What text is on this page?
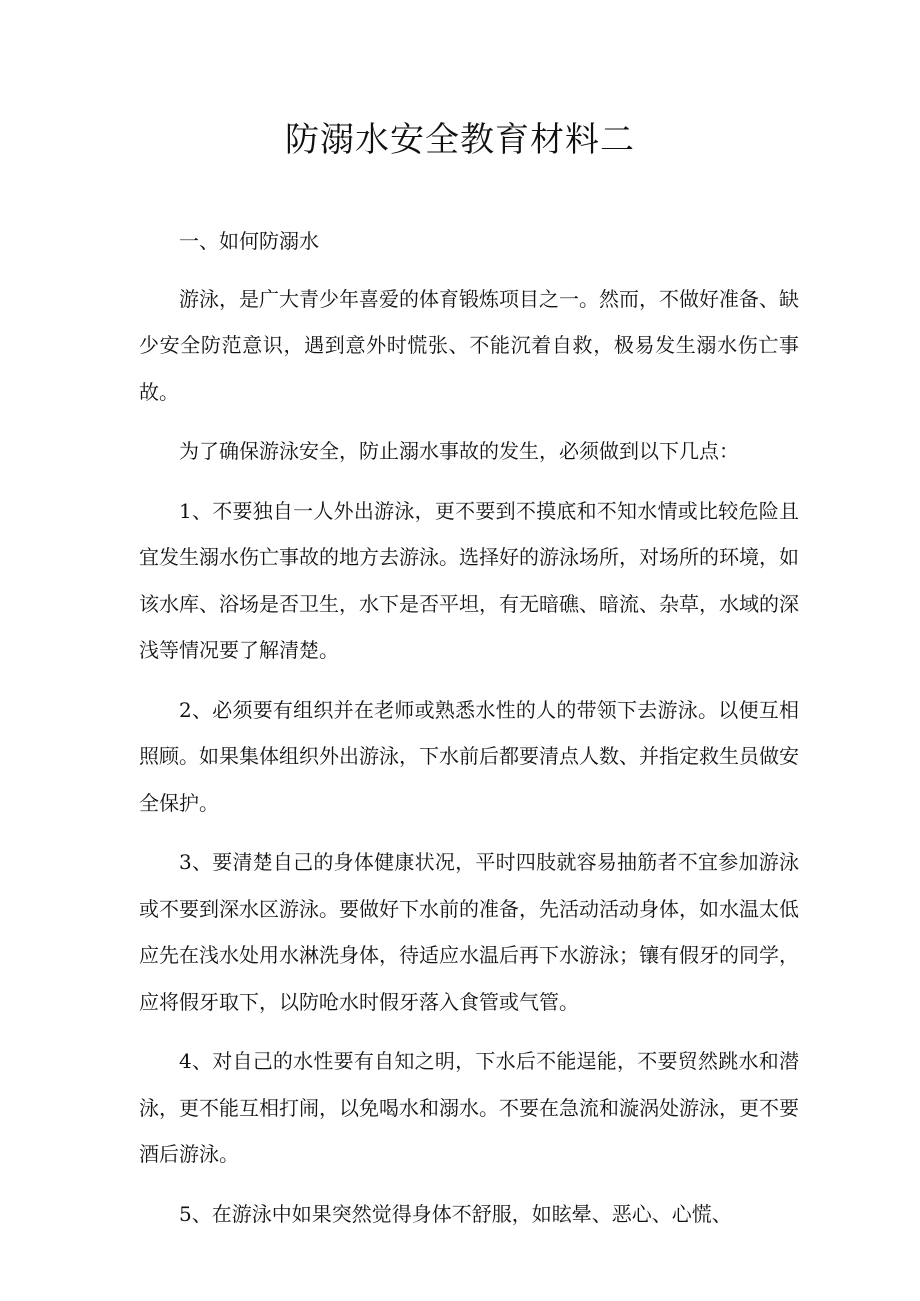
防溺水安全教育材料二

一、如何防溺水

游泳，是广大青少年喜爱的体育锻炼项目之一。然而，不做好准备、缺少安全防范意识，遇到意外时慌张、不能沉着自救，极易发生溺水伤亡事故。

为了确保游泳安全，防止溺水事故的发生，必须做到以下几点：

1、不要独自一人外出游泳，更不要到不摸底和不知水情或比较危险且宜发生溺水伤亡事故的地方去游泳。选择好的游泳场所，对场所的环境，如该水库、浴场是否卫生，水下是否平坦，有无暗礁、暗流、杂草，水域的深浅等情况要了解清楚。

2、必须要有组织并在老师或熟悉水性的人的带领下去游泳。以便互相照顾。如果集体组织外出游泳，下水前后都要清点人数、并指定救生员做安全保护。

3、要清楚自己的身体健康状况，平时四肢就容易抽筋者不宜参加游泳或不要到深水区游泳。要做好下水前的准备，先活动活动身体，如水温太低应先在浅水处用水淋洗身体，待适应水温后再下水游泳；镶有假牙的同学，应将假牙取下，以防呛水时假牙落入食管或气管。

4、对自己的水性要有自知之明，下水后不能逞能，不要贸然跳水和潜泳，更不能互相打闹，以免喝水和溺水。不要在急流和漩涡处游泳，更不要酒后游泳。

5、在游泳中如果突然觉得身体不舒服，如眩晕、恶心、心慌、
